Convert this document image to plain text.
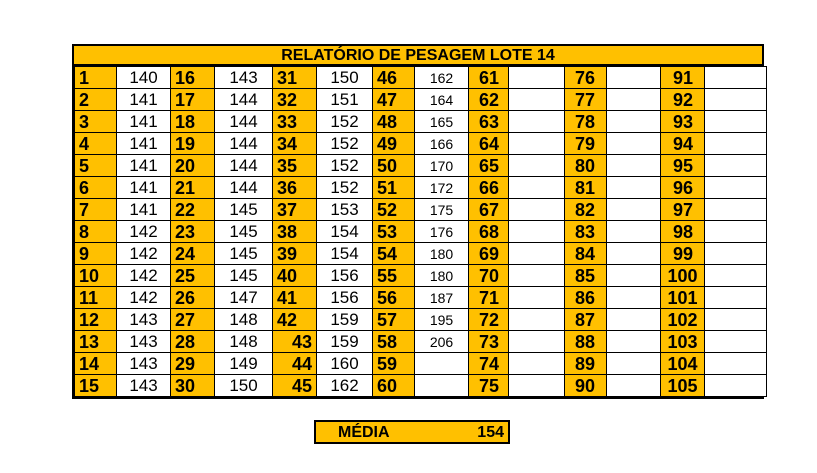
RELATÓRIO DE PESAGEM LOTE 14
1	140	16	143	31	150	46	162	61		76		91	
2	141	17	144	32	151	47	164	62		77		92	
3	141	18	144	33	152	48	165	63		78		93	
4	141	19	144	34	152	49	166	64		79		94	
5	141	20	144	35	152	50	170	65		80		95	
6	141	21	144	36	152	51	172	66		81		96	
7	141	22	145	37	153	52	175	67		82		97	
8	142	23	145	38	154	53	176	68		83		98	
9	142	24	145	39	154	54	180	69		84		99	
10	142	25	145	40	156	55	180	70		85		100	
11	142	26	147	41	156	56	187	71		86		101	
12	143	27	148	42	159	57	195	72		87		102	
13	143	28	148	43	159	58	206	73		88		103	
14	143	29	149	44	160	59		74		89		104	
15	143	30	150	45	162	60		75		90		105	
MÉDIA	154
